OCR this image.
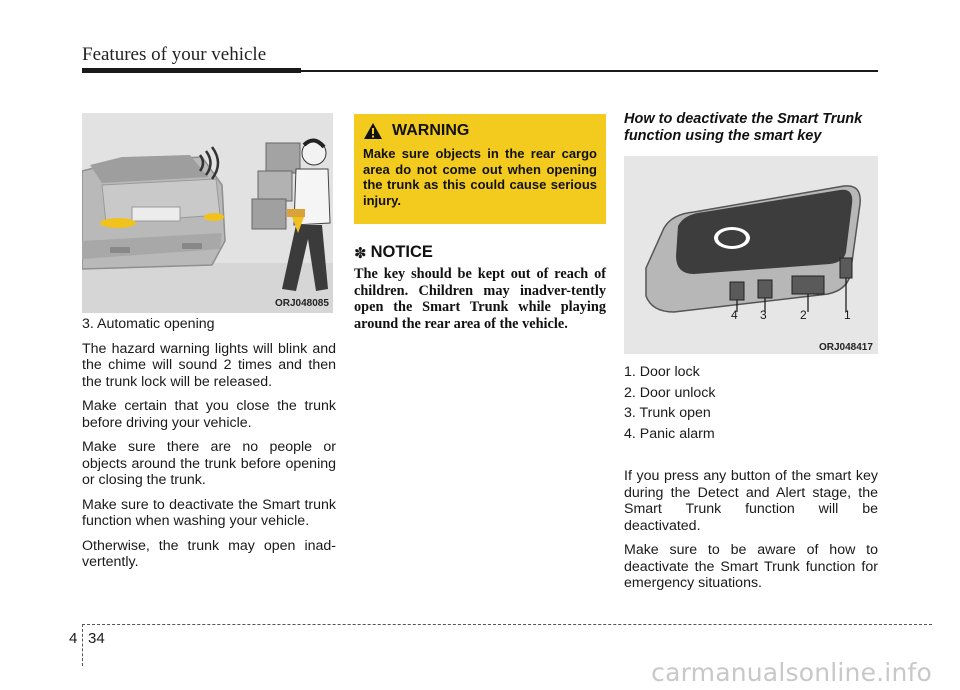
Features of your vehicle
ORJ048085

3. Automatic opening

The hazard warning lights will blink and the chime will sound 2 times and then the trunk lock will be released.

Make certain that you close the trunk before driving your vehicle.

Make sure there are no people or objects around the trunk before opening or closing the trunk.

Make sure to deactivate the Smart trunk function when washing your vehicle.

Otherwise, the trunk may open inad-vertently.

WARNING
Make sure objects in the rear cargo area do not come out when opening the trunk as this could cause serious injury.
✽ NOTICE
The key should be kept out of reach of children. Children may inadver-tently open the Smart Trunk while playing around the rear area of the vehicle.
How to deactivate the Smart Trunk function using the smart key
4 3	2	1
ORJ048417
1. Door lock
2. Door unlock
3. Trunk open
4. Panic alarm

If you press any button of the smart key during the Detect and Alert stage, the Smart Trunk function will be deactivated.

Make sure to be aware of how to deactivate the Smart Trunk function for emergency situations.

4 34
carmanualsonline.info
